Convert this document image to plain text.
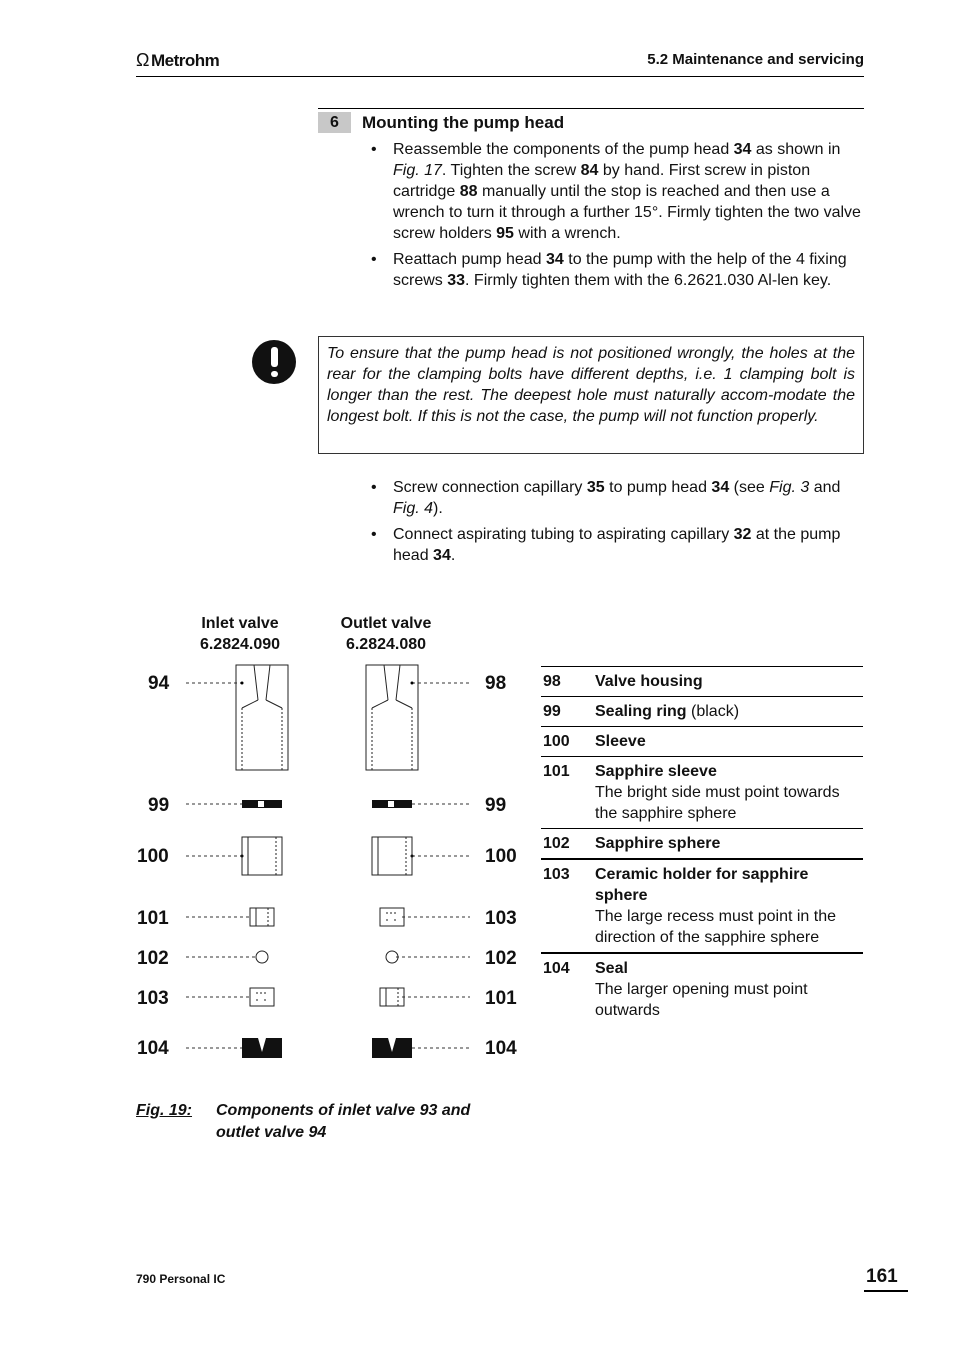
Ω Metrohm	5.2 Maintenance and servicing
6	Mounting the pump head
• Reassemble the components of the pump head 34 as shown in Fig. 17. Tighten the screw 84 by hand. First screw in piston cartridge 88 manually until the stop is reached and then use a wrench to turn it through a further 15°. Firmly tighten the two valve screw holders 95 with a wrench.
• Reattach pump head 34 to the pump with the help of the 4 fixing screws 33. Firmly tighten them with the 6.2621.030 Al-len key.
To ensure that the pump head is not positioned wrongly, the holes at the rear for the clamping bolts have different depths, i.e. 1 clamping bolt is longer than the rest. The deepest hole must naturally accom-modate the longest bolt. If this is not the case, the pump will not function properly.
• Screw connection capillary 35 to pump head 34 (see Fig. 3 and Fig. 4).
• Connect aspirating tubing to aspirating capillary 32 at the pump head 34.
Inlet valve
6.2824.090
Outlet valve
6.2824.080
94
99
100
101
102
103
104
98
99
100
103
102
101
104
98	Valve housing
99	Sealing ring (black)
100	Sleeve
101	Sapphire sleeve
The bright side must point towards the sapphire sphere

102	Sapphire sphere
103	Ceramic holder for sapphire sphere
The large recess must point in the direction of the sapphire sphere

104	Seal
The larger opening must point outwards
Fig. 19: Components of inlet valve 93 and
outlet valve 94
790 Personal IC	161
